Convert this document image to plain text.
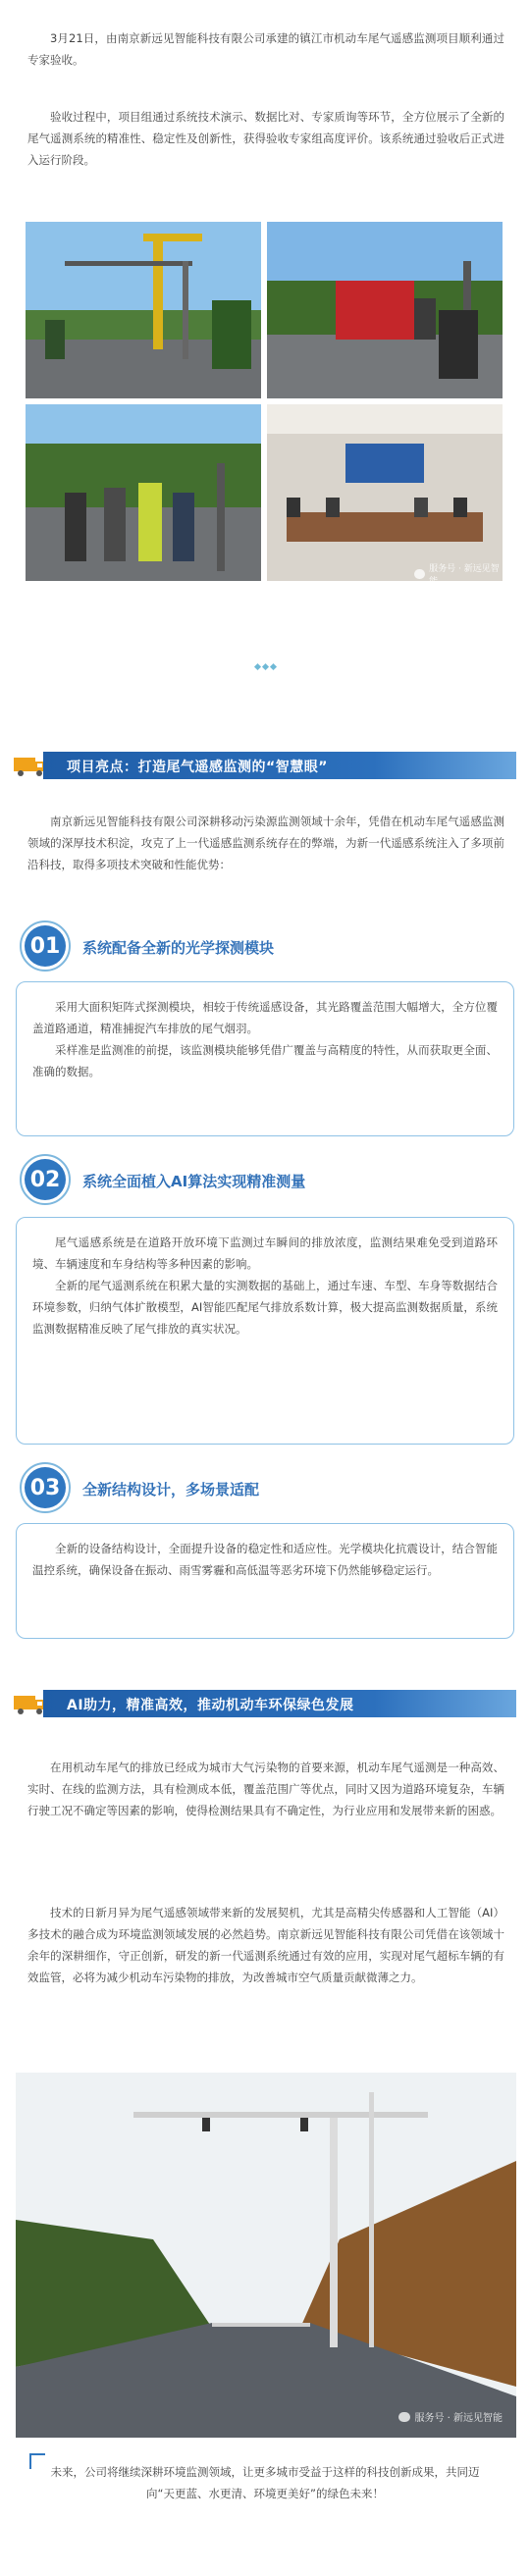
3月21日，由南京新远见智能科技有限公司承建的镇江市机动车尾气遥感监测项目顺利通过专家验收。

验收过程中，项目组通过系统技术演示、数据比对、专家质询等环节，全方位展示了全新的尾气遥测系统的精准性、稳定性及创新性，获得验收专家组高度评价。该系统通过验收后正式进入运行阶段。

服务号 · 新远见智能
项目亮点：打造尾气遥感监测的“智慧眼”

南京新远见智能科技有限公司深耕移动污染源监测领域十余年，凭借在机动车尾气遥感监测领域的深厚技术积淀，攻克了上一代遥感监测系统存在的弊端，为新一代遥感系统注入了多项前沿科技，取得多项技术突破和性能优势：

01	系统配备全新的光学探测模块

采用大面积矩阵式探测模块，相较于传统遥感设备，其光路覆盖范围大幅增大，全方位覆盖道路通道，精准捕捉汽车排放的尾气烟羽。

采样准是监测准的前提，该监测模块能够凭借广覆盖与高精度的特性，从而获取更全面、准确的数据。

02	系统全面植入AI算法实现精准测量

尾气遥感系统是在道路开放环境下监测过车瞬间的排放浓度，监测结果难免受到道路环境、车辆速度和车身结构等多种因素的影响。

全新的尾气遥测系统在积累大量的实测数据的基础上，通过车速、车型、车身等数据结合环境参数，归纳气体扩散模型，AI智能匹配尾气排放系数计算，极大提高监测数据质量，系统监测数据精准反映了尾气排放的真实状况。

03	全新结构设计，多场景适配

全新的设备结构设计，全面提升设备的稳定性和适应性。光学模块化抗震设计，结合智能温控系统，确保设备在振动、雨雪雾霾和高低温等恶劣环境下仍然能够稳定运行。

AI助力，精准高效，推动机动车环保绿色发展

在用机动车尾气的排放已经成为城市大气污染物的首要来源，机动车尾气遥测是一种高效、实时、在线的监测方法，具有检测成本低，覆盖范围广等优点，同时又因为道路环境复杂，车辆行驶工况不确定等因素的影响，使得检测结果具有不确定性，为行业应用和发展带来新的困惑。

技术的日新月异为尾气遥感领域带来新的发展契机，尤其是高精尖传感器和人工智能（AI）多技术的融合成为环境监测领域发展的必然趋势。南京新远见智能科技有限公司凭借在该领域十余年的深耕细作，守正创新，研发的新一代遥测系统通过有效的应用，实现对尾气超标车辆的有效监管，必将为减少机动车污染物的排放，为改善城市空气质量贡献微薄之力。

服务号 · 新远见智能

未来，公司将继续深耕环境监测领域，让更多城市受益于这样的科技创新成果，共同迈向“天更蓝、水更清、环境更美好”的绿色未来！
